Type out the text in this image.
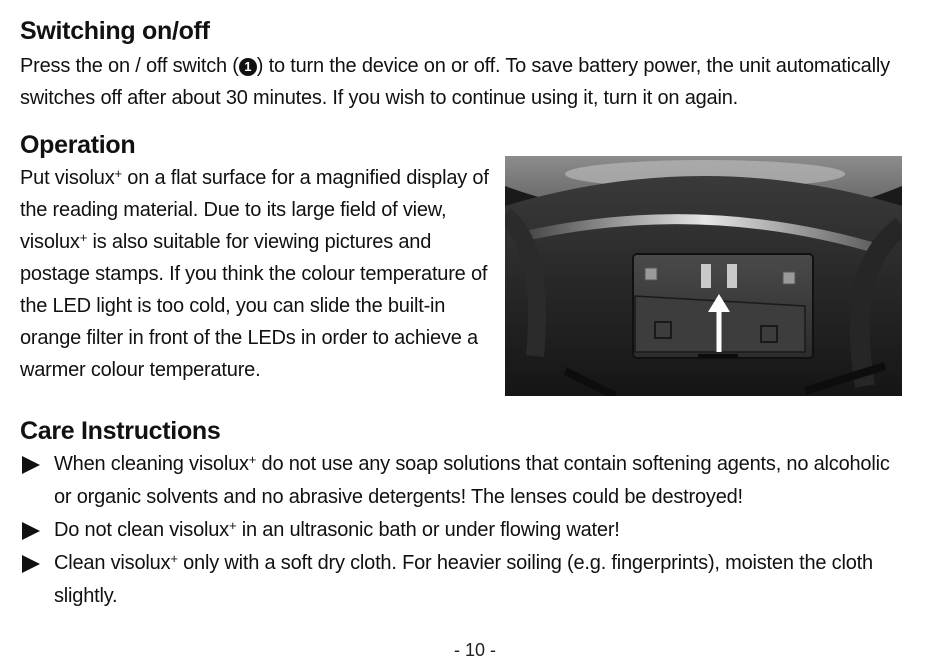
Switching on/off

Press the on / off switch ( 1 ) to turn the device on or off. To save battery power, the unit automatically switches off after about 30 minutes. If you wish to continue using it, turn it on again.

Operation

Put visolux+ on a flat surface for a magnified display of the reading material. Due to its large field of view, visolux+ is also suitable for viewing pictures and postage stamps. If you think the colour temperature of the LED light is too cold, you can slide the built-in orange filter in front of the LEDs in order to achieve a warmer colour temperature.

Care Instructions
When cleaning visolux+ do not use any soap solutions that contain softening agents, no alcoholic or organic solvents and no abrasive detergents! The lenses could be destroyed!
Do not clean visolux+ in an ultrasonic bath or under flowing water!
Clean visolux+ only with a soft dry cloth. For heavier soiling (e.g. fingerprints), moisten the cloth slightly.
- 10 -
